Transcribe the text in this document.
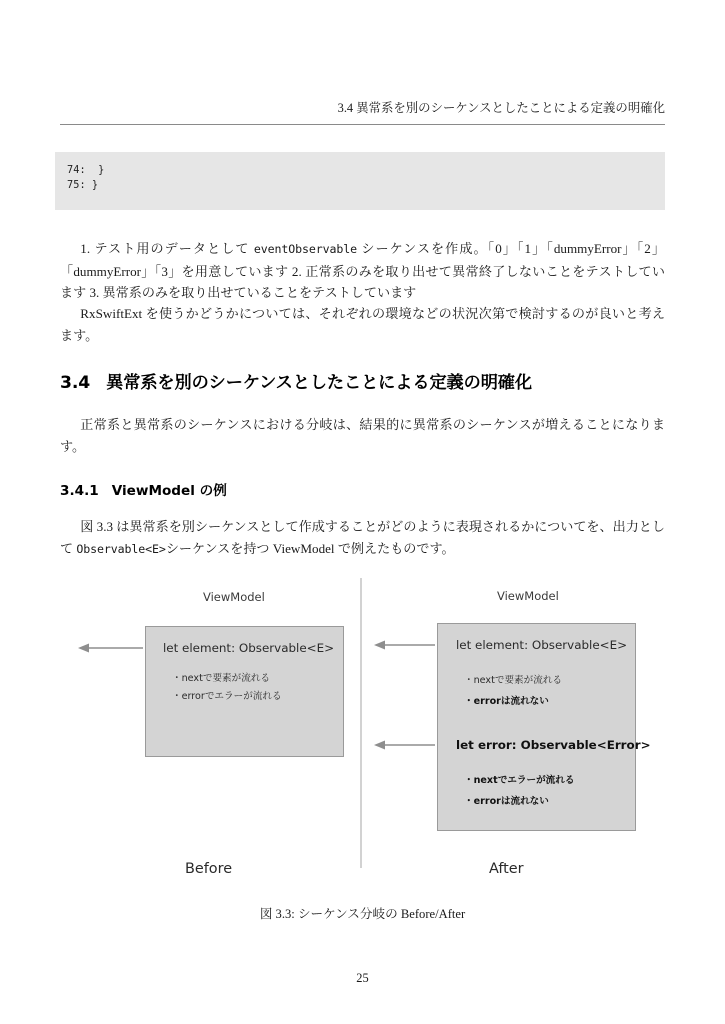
3.4 異常系を別のシーケンスとしたことによる定義の明確化
74:  }
75: }
1. テスト用のデータとして eventObservable シーケンスを作成。「0」「1」「dummyError」「2」「dummyError」「3」を用意しています 2. 正常系のみを取り出せて異常終了しないことをテストしています 3. 異常系のみを取り出せていることをテストしています
RxSwiftExt を使うかどうかについては、それぞれの環境などの状況次第で検討するのが良いと考えます。
3.4 異常系を別のシーケンスとしたことによる定義の明確化
正常系と異常系のシーケンスにおける分岐は、結果的に異常系のシーケンスが増えることになります。
3.4.1 ViewModel の例
図 3.3 は異常系を別シーケンスとして作成することがどのように表現されるかについてを、出力として Observable<E>シーケンスを持つ ViewModel で例えたものです。
ViewModel
let element: Observable<E>
・nextで要素が流れる
・errorでエラーが流れる
Before
ViewModel
let element: Observable<E>
・nextで要素が流れる
・errorは流れない
let error: Observable<Error>
・nextでエラーが流れる
・errorは流れない
After
図 3.3: シーケンス分岐の Before/After
25
